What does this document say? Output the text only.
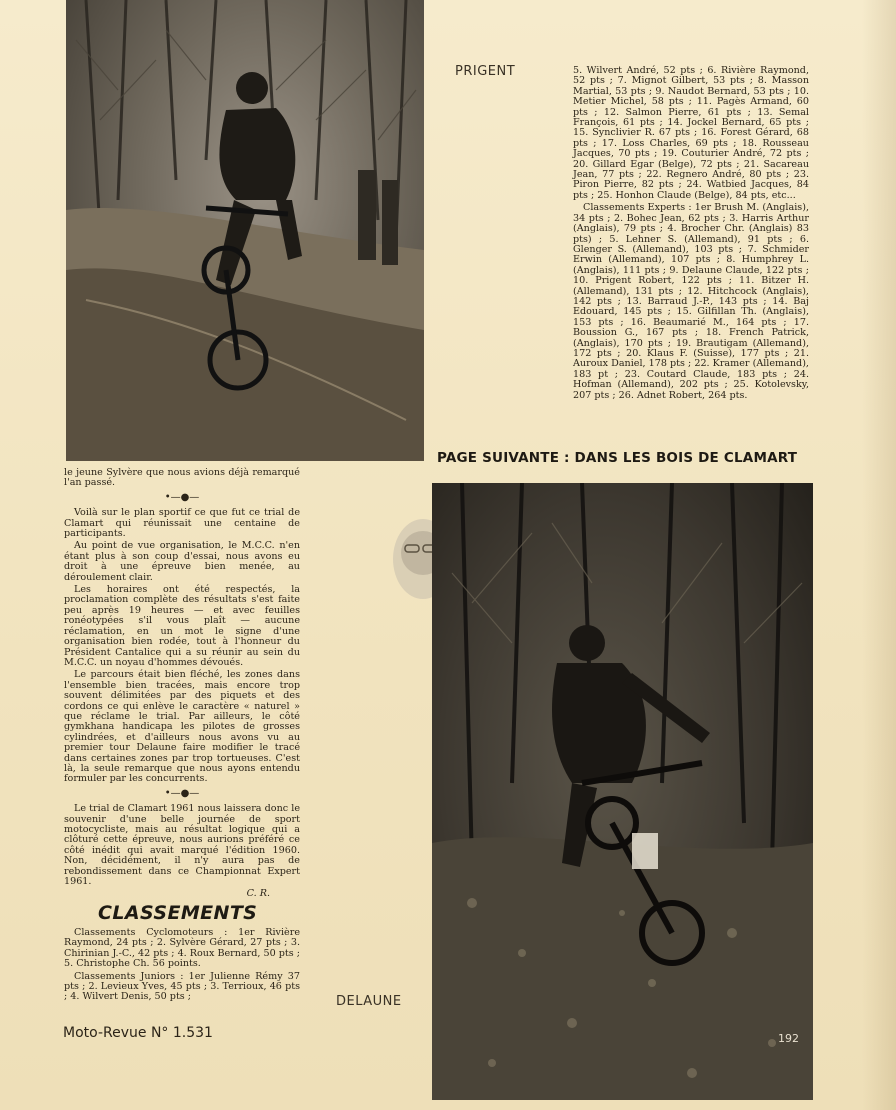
PRIGENT	5. Wilvert André, 52 pts ; 6. Rivière Raymond, 52 pts ; 7. Mignot Gilbert, 53 pts ; 8. Masson Martial, 53 pts ; 9. Naudot Bernard, 53 pts ; 10. Metier Michel, 58 pts ; 11. Pagès Armand, 60 pts ; 12. Salmon Pierre, 61 pts ; 13. Semal François, 61 pts ; 14. Jockel Bernard, 65 pts ; 15. Synclivier R. 67 pts ; 16. Forest Gérard, 68 pts ; 17. Loss Charles, 69 pts ; 18. Rousseau Jacques, 70 pts ; 19. Couturier André, 72 pts ; 20. Gillard Egar (Belge), 72 pts ; 21. Sacareau Jean, 77 pts ; 22. Regnero André, 80 pts ; 23. Piron Pierre, 82 pts ; 24. Watbied Jacques, 84 pts ; 25. Honhon Claude (Belge), 84 pts, etc...

Classements Experts : 1er Brush M. (Anglais), 34 pts ; 2. Bohec Jean, 62 pts ; 3. Harris Arthur (Anglais), 79 pts ; 4. Brocher Chr. (Anglais) 83 pts) ; 5. Lehner S. (Allemand), 91 pts ; 6. Glenger S. (Allemand), 103 pts ; 7. Schmider Erwin (Allemand), 107 pts ; 8. Humphrey L. (Anglais), 111 pts ; 9. Delaune Claude, 122 pts ; 10. Prigent Robert, 122 pts ; 11. Bitzer H. (Allemand), 131 pts ; 12. Hitchcock (Anglais), 142 pts ; 13. Barraud J.-P., 143 pts ; 14. Baj Edouard, 145 pts ; 15. Gilfillan Th. (Anglais), 153 pts ; 16. Beaumarié M., 164 pts ; 17. Boussion G., 167 pts ; 18. French Patrick, (Anglais), 170 pts ; 19. Brautigam (Allemand), 172 pts ; 20. Klaus F. (Suisse), 177 pts ; 21. Auroux Daniel, 178 pts ; 22. Kramer (Allemand), 183 pt ; 23. Coutard Claude, 183 pts ; 24. Hofman (Allemand), 202 pts ; 25. Kotolevsky, 207 pts ; 26. Adnet Robert, 264 pts.

PAGE SUIVANTE : DANS LES BOIS DE CLAMART

le jeune Sylvère que nous avions déjà remarqué l'an passé.

•—●—

Voilà sur le plan sportif ce que fut ce trial de Clamart qui réunissait une centaine de participants.

Au point de vue organisation, le M.C.C. n'en étant plus à son coup d'essai, nous avons eu droit à une épreuve bien menée, au déroulement clair.

Les horaires ont été respectés, la proclamation complète des résultats s'est faite peu après 19 heures — et avec feuilles ronéotypées s'il vous plaît — aucune réclamation, en un mot le signe d'une organisation bien rodée, tout à l'honneur du Président Cantalice qui a su réunir au sein du M.C.C. un noyau d'hommes dévoués.

Le parcours était bien fléché, les zones dans l'ensemble bien tracées, mais encore trop souvent délimitées par des piquets et des cordons ce qui enlève le caractère « naturel » que réclame le trial. Par ailleurs, le côté gymkhana handicapa les pilotes de grosses cylindrées, et d'ailleurs nous avons vu au premier tour Delaune faire modifier le tracé dans certaines zones par trop tortueuses. C'est là, la seule remarque que nous ayons entendu formuler par les concurrents.

•—●—

Le trial de Clamart 1961 nous laissera donc le souvenir d'une belle journée de sport motocycliste, mais au résultat logique qui a clôturé cette épreuve, nous aurions préféré ce côté inédit qui avait marqué l'édition 1960. Non, décidément, il n'y aura pas de rebondissement dans ce Championnat Expert 1961.

C. R.
CLASSEMENTS

Classements Cyclomoteurs : 1er Rivière Raymond, 24 pts ; 2. Sylvère Gérard, 27 pts ; 3. Chirinian J.-C., 42 pts ; 4. Roux Bernard, 50 pts ; 5. Christophe Ch. 56 points.

Classements Juniors : 1er Julienne Rémy 37 pts ; 2. Levieux Yves, 45 pts ; 3. Terrioux, 46 pts ; 4. Wilvert Denis, 50 pts ;	DELAUNE
192
Moto-Revue N° 1.531
